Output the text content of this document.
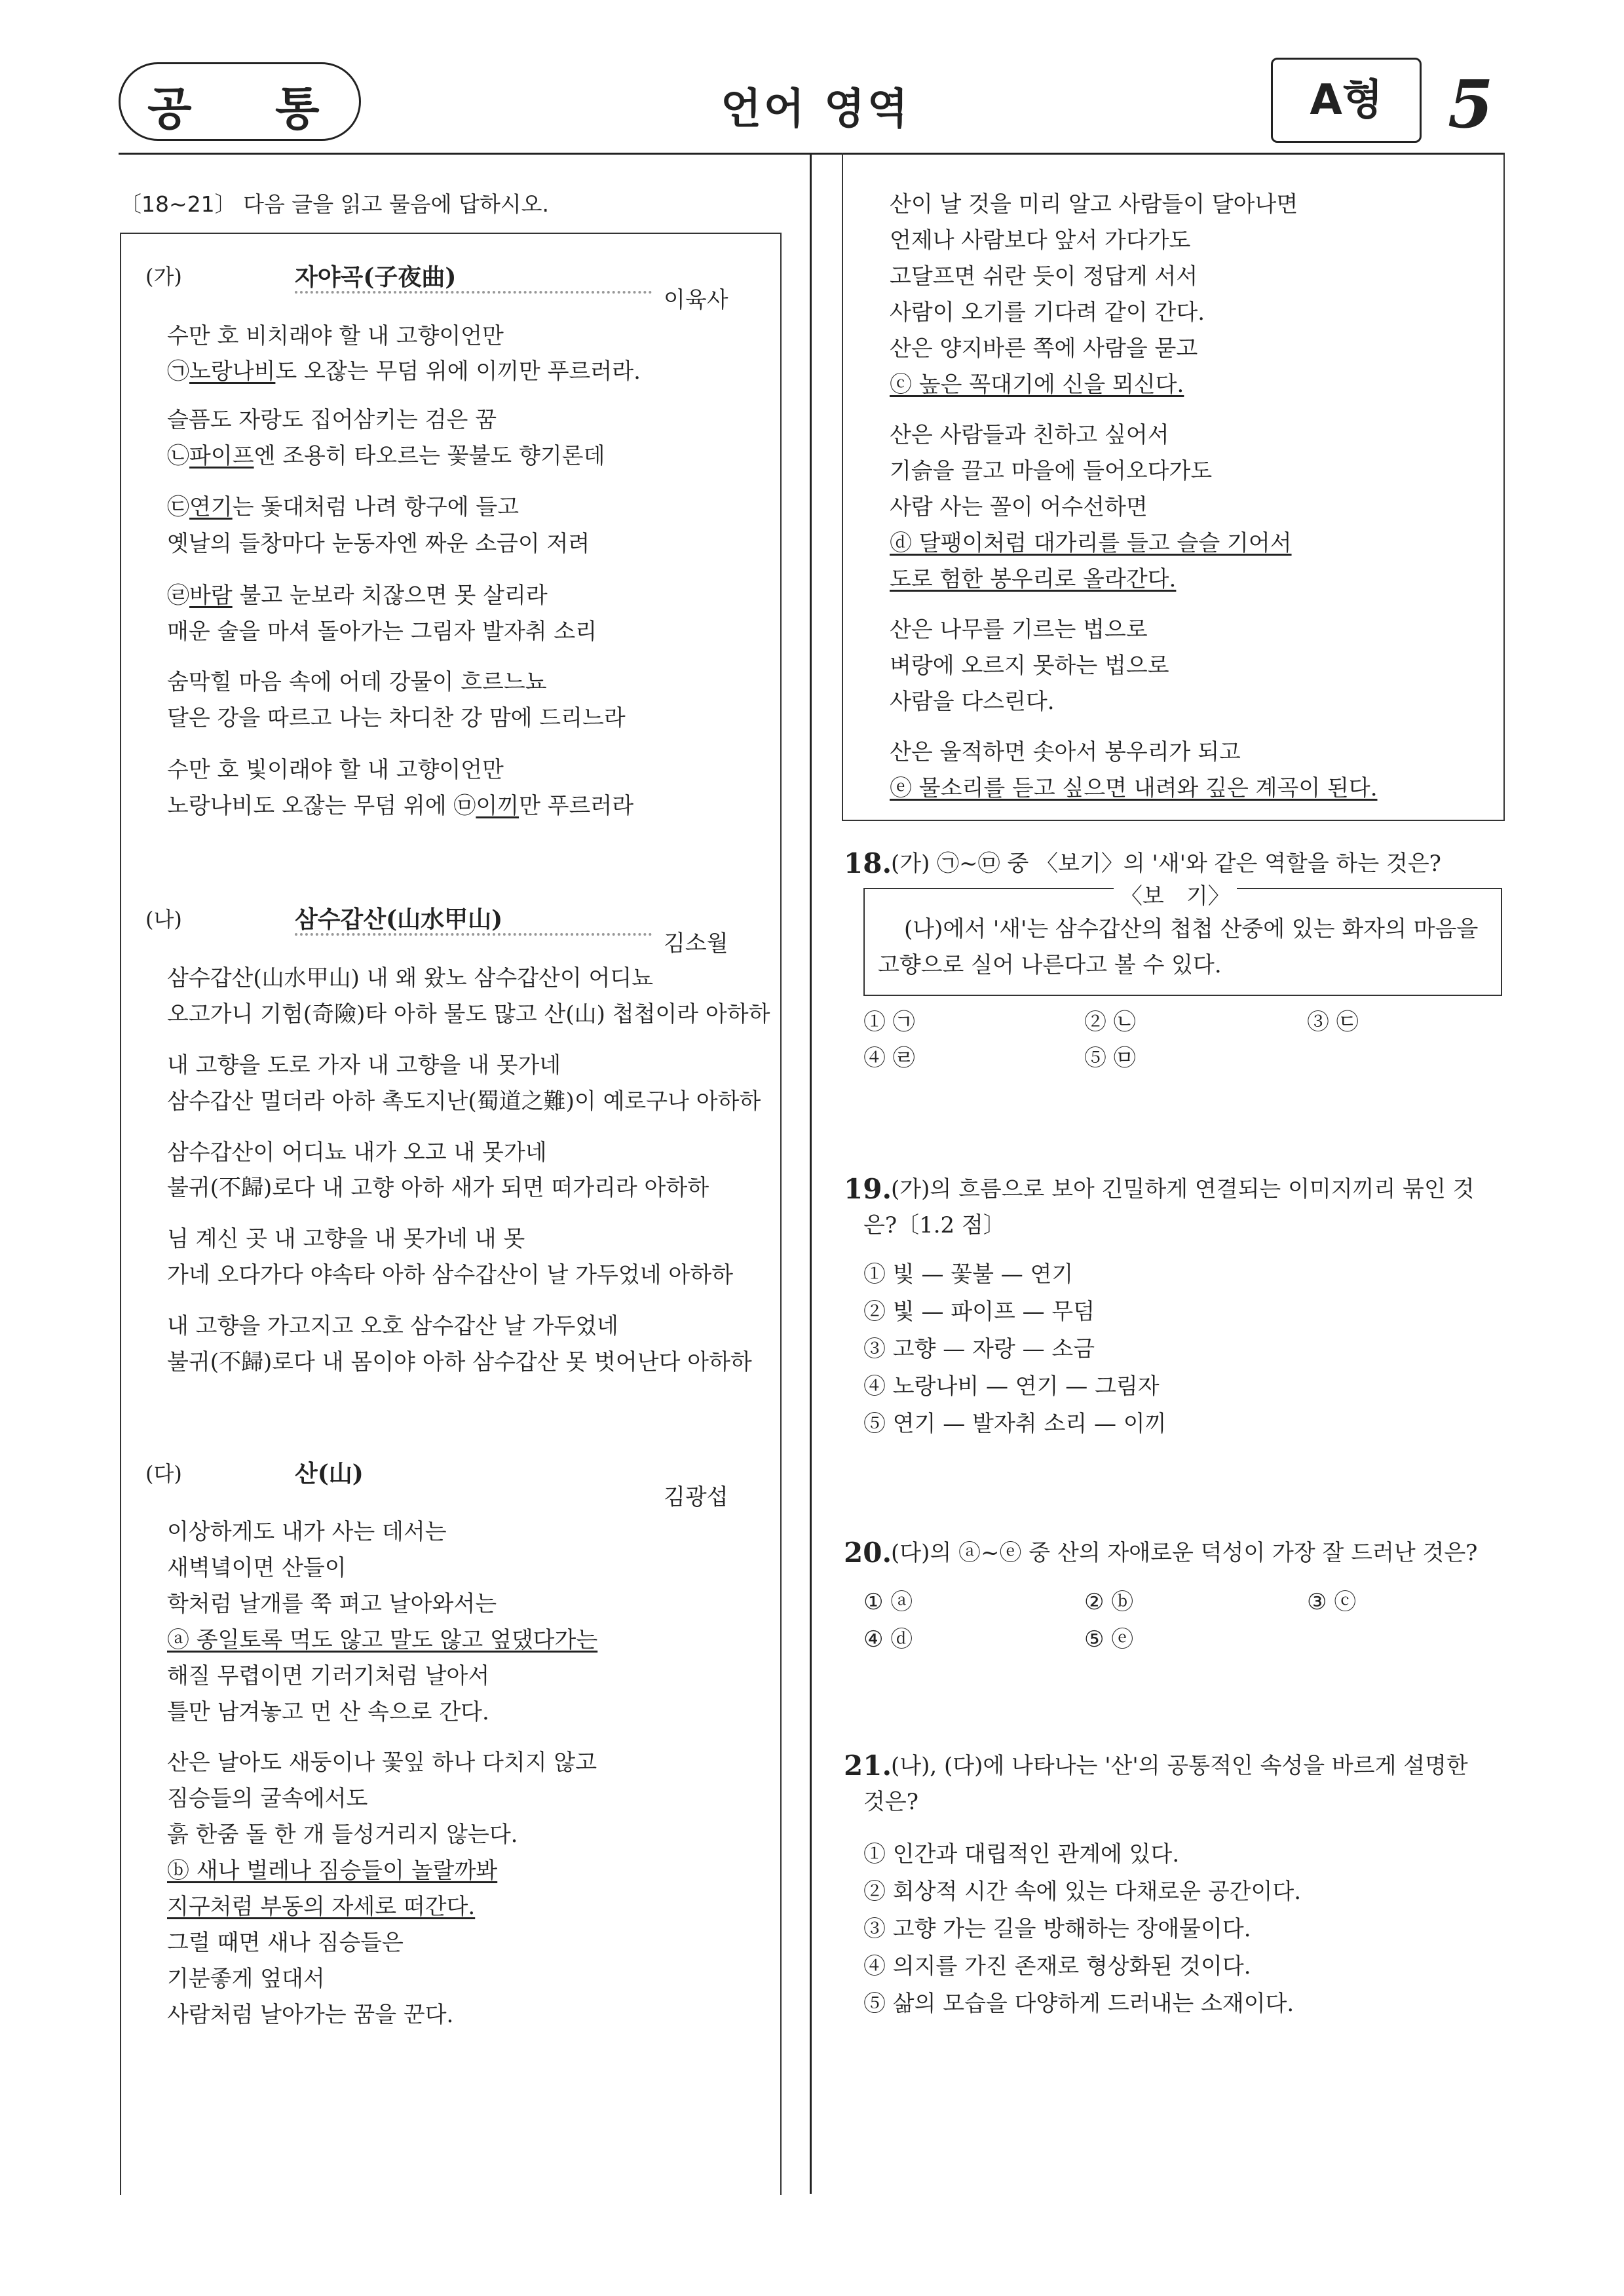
공 통	언어 영역	A형 5
〔18∼21〕 다음 글을 읽고 물음에 답하시오.
(가)	자야곡(子夜曲)
이육사
수만 호 비치래야 할 내 고향이언만
㉠노랑나비도 오잖는 무덤 위에 이끼만 푸르러라.
슬픔도 자랑도 집어삼키는 검은 꿈
㉡파이프엔 조용히 타오르는 꽃불도 향기론데
㉢연기는 돛대처럼 나려 항구에 들고
옛날의 들창마다 눈동자엔 짜운 소금이 저려
㉣바람 불고 눈보라 치잖으면 못 살리라
매운 술을 마셔 돌아가는 그림자 발자취 소리
숨막힐 마음 속에 어데 강물이 흐르느뇨
달은 강을 따르고 나는 차디찬 강 맘에 드리느라
수만 호 빛이래야 할 내 고향이언만
노랑나비도 오잖는 무덤 위에 ㉤이끼만 푸르러라
(나)	삼수갑산(山水甲山)
김소월
삼수갑산(山水甲山) 내 왜 왔노 삼수갑산이 어디뇨
오고가니 기험(奇險)타 아하 물도 많고 산(山) 첩첩이라 아하하
내 고향을 도로 가자 내 고향을 내 못가네
삼수갑산 멀더라 아하 촉도지난(蜀道之難)이 예로구나 아하하
삼수갑산이 어디뇨 내가 오고 내 못가네
불귀(不歸)로다 내 고향 아하 새가 되면 떠가리라 아하하
님 계신 곳 내 고향을 내 못가네 내 못
가네 오다가다 야속타 아하 삼수갑산이 날 가두었네 아하하
내 고향을 가고지고 오호 삼수갑산 날 가두었네
불귀(不歸)로다 내 몸이야 아하 삼수갑산 못 벗어난다 아하하
(다)	산(山)
김광섭
이상하게도 내가 사는 데서는
새벽녘이면 산들이
학처럼 날개를 쭉 펴고 날아와서는
ⓐ 종일토록 먹도 않고 말도 않고 엎댔다가는
해질 무렵이면 기러기처럼 날아서
틀만 남겨놓고 먼 산 속으로 간다.
산은 날아도 새둥이나 꽃잎 하나 다치지 않고
짐승들의 굴속에서도
흙 한줌 돌 한 개 들성거리지 않는다.
ⓑ 새나 벌레나 짐승들이 놀랄까봐
지구처럼 부동의 자세로 떠간다.
그럴 때면 새나 짐승들은
기분좋게 엎대서
사람처럼 날아가는 꿈을 꾼다.
산이 날 것을 미리 알고 사람들이 달아나면
언제나 사람보다 앞서 가다가도
고달프면 쉬란 듯이 정답게 서서
사람이 오기를 기다려 같이 간다.
산은 양지바른 쪽에 사람을 묻고
ⓒ 높은 꼭대기에 신을 뫼신다.
산은 사람들과 친하고 싶어서
기슭을 끌고 마을에 들어오다가도
사람 사는 꼴이 어수선하면
ⓓ 달팽이처럼 대가리를 들고 슬슬 기어서
도로 험한 봉우리로 올라간다.
산은 나무를 기르는 법으로
벼랑에 오르지 못하는 법으로
사람을 다스린다.
산은 울적하면 솟아서 봉우리가 되고
ⓔ 물소리를 듣고 싶으면 내려와 깊은 계곡이 된다.
18.
(가) ㉠~㉤ 중 〈보기〉의 '새'와 같은 역할을 하는 것은?
〈보　기〉
(나)에서 '새'는 삼수갑산의 첩첩 산중에 있는 화자의 마음을
고향으로 실어 나른다고 볼 수 있다.
① ㉠	② ㉡	③ ㉢
④ ㉣	⑤ ㉤
19.
(가)의 흐름으로 보아 긴밀하게 연결되는 이미지끼리 묶인 것
은?〔1.2 점〕
① 빛 — 꽃불 — 연기
② 빛 — 파이프 — 무덤
③ 고향 — 자랑 — 소금
④ 노랑나비 — 연기 — 그림자
⑤ 연기 — 발자취 소리 — 이끼
20.
(다)의 ⓐ~ⓔ 중 산의 자애로운 덕성이 가장 잘 드러난 것은?
① ⓐ	② ⓑ	③ ⓒ
④ ⓓ	⑤ ⓔ
21.
(나), (다)에 나타나는 '산'의 공통적인 속성을 바르게 설명한
것은?
① 인간과 대립적인 관계에 있다.
② 회상적 시간 속에 있는 다채로운 공간이다.
③ 고향 가는 길을 방해하는 장애물이다.
④ 의지를 가진 존재로 형상화된 것이다.
⑤ 삶의 모습을 다양하게 드러내는 소재이다.
